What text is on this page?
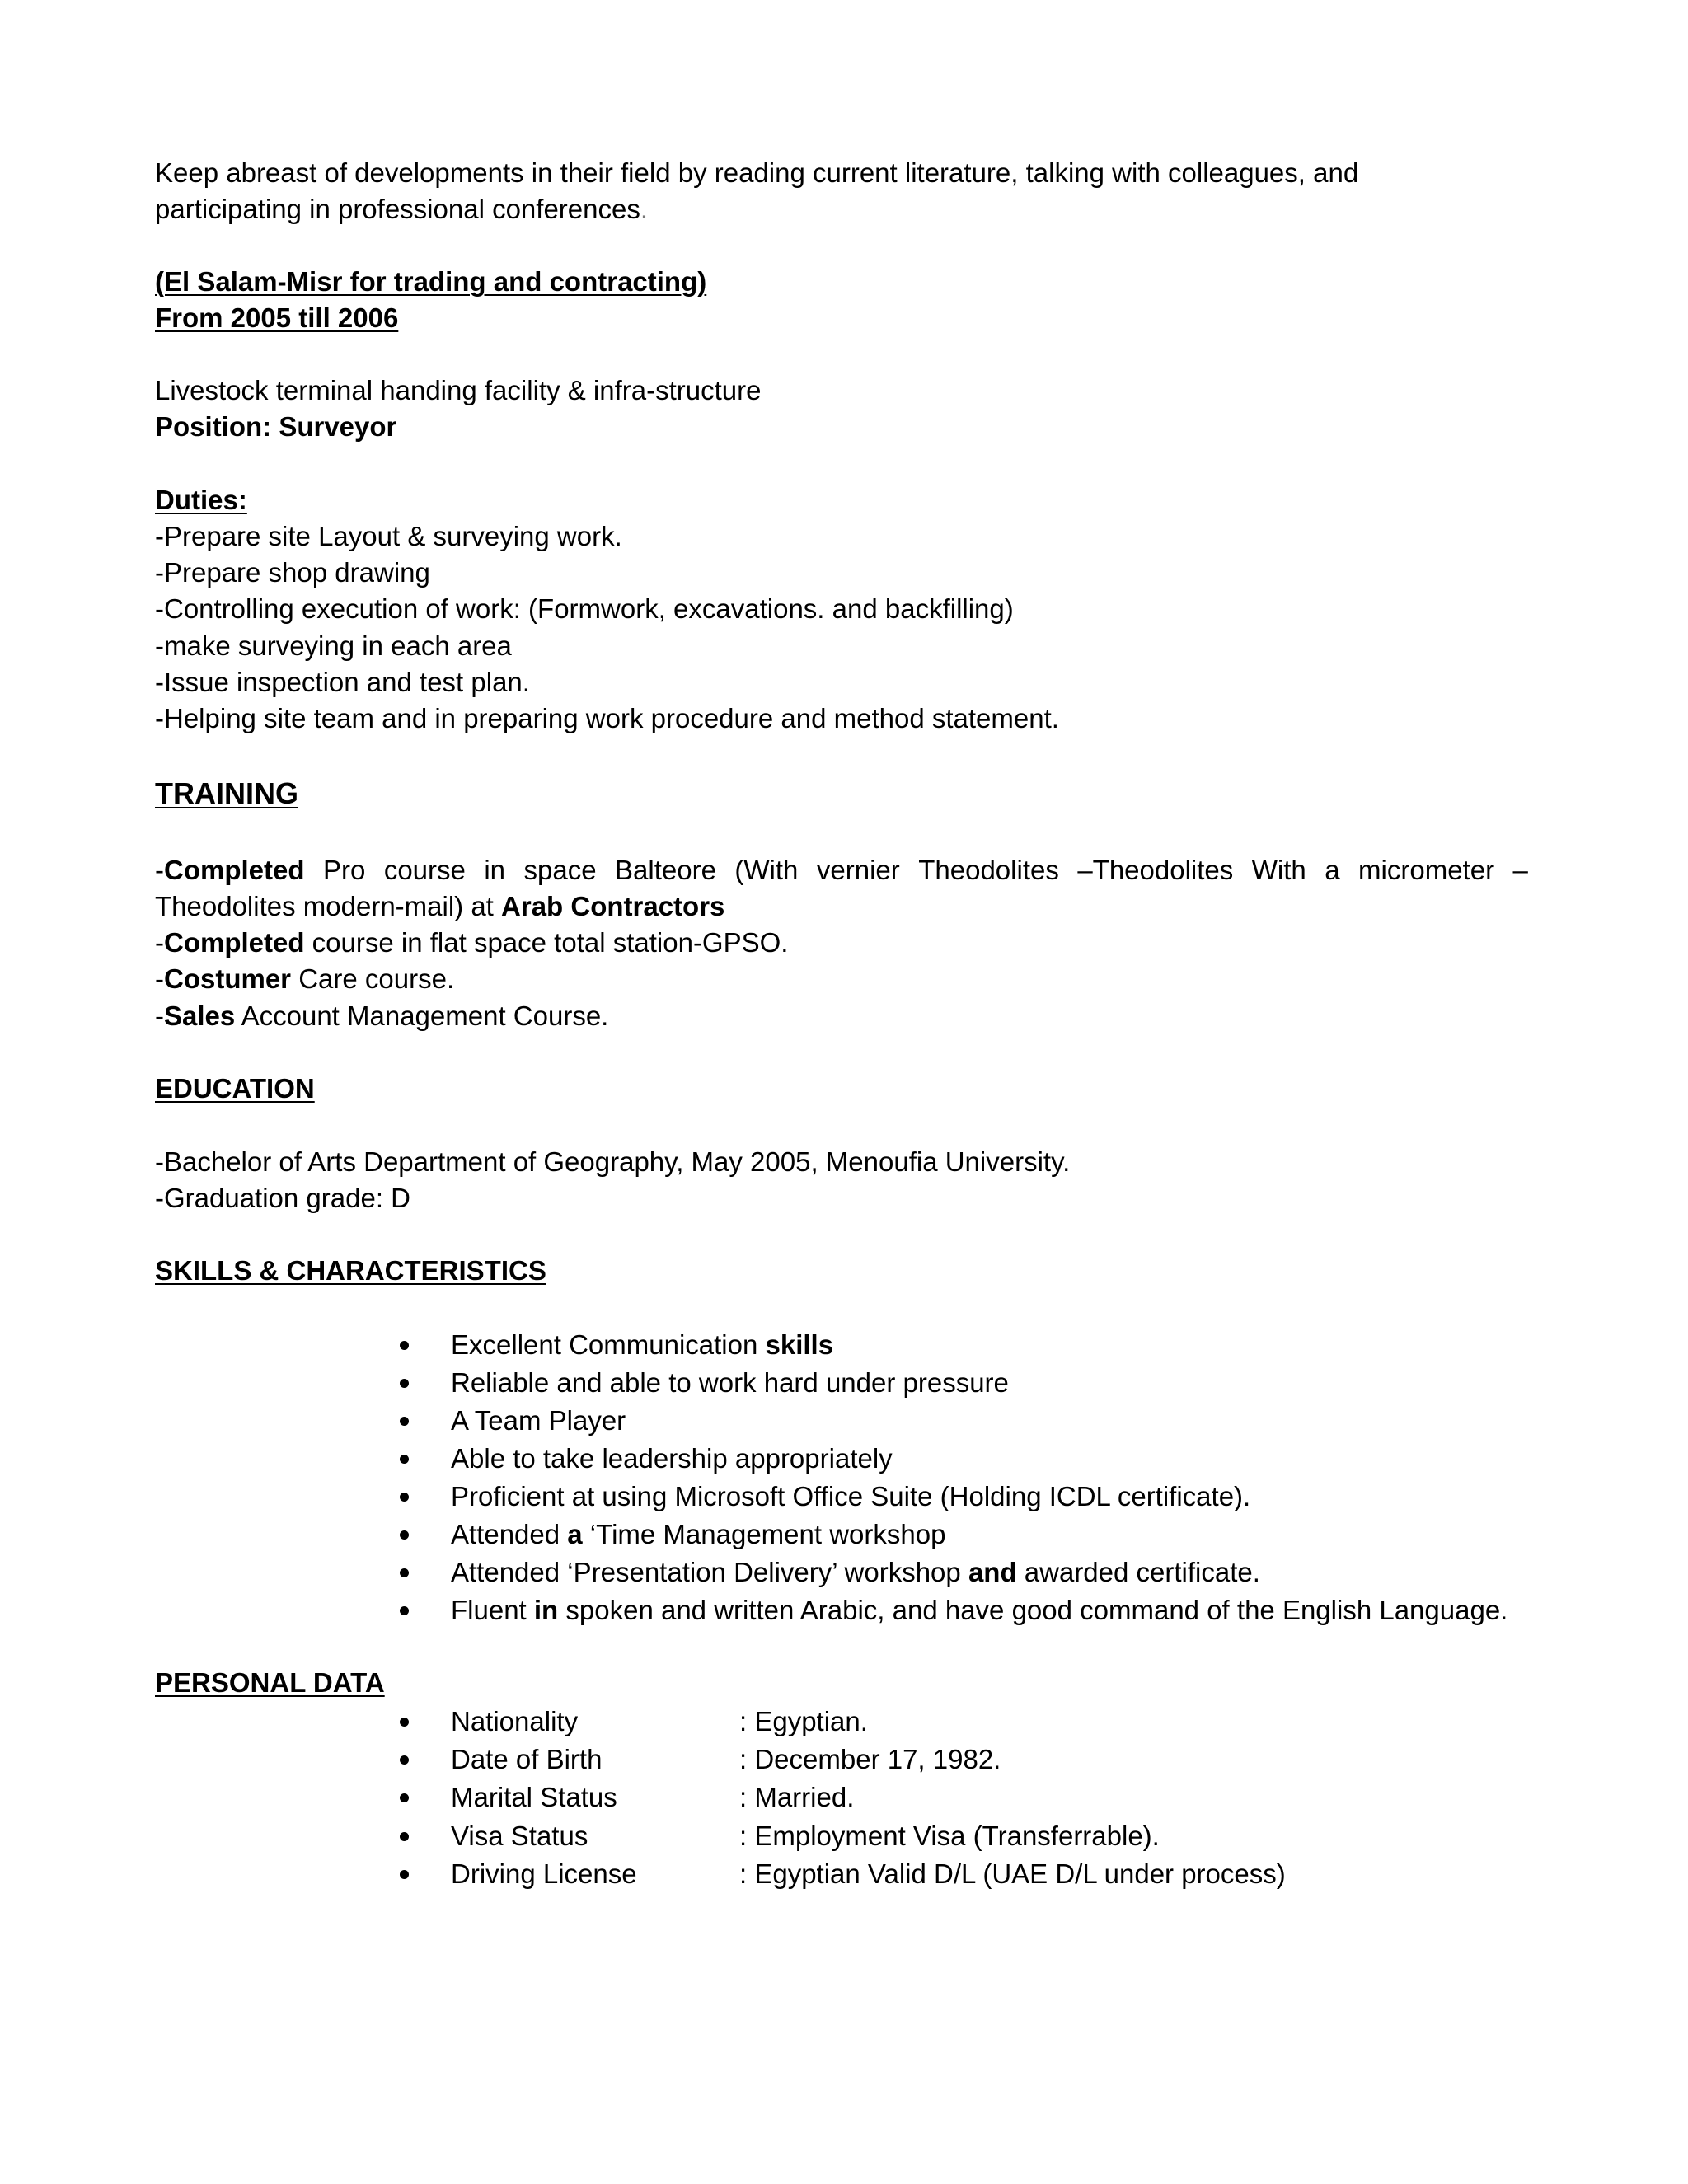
Keep abreast of developments in their field by reading current literature, talking with colleagues, and
participating in professional conferences.
(El Salam-Misr for trading and contracting)
From 2005 till 2006
Livestock terminal handing facility & infra-structure
Position: Surveyor
Duties:
-Prepare site Layout & surveying work.
-Prepare shop drawing
-Controlling execution of work: (Formwork, excavations. and backfilling)
-make surveying in each area
-Issue inspection and test plan.
-Helping site team and in preparing work procedure and method statement.
TRAINING
-Completed Pro course in space Balteore (With vernier Theodolites –Theodolites With a micrometer –
Theodolites modern-mail) at Arab Contractors
-Completed course in flat space total station-GPSO.
-Costumer Care course.
-Sales Account Management Course.
EDUCATION
-Bachelor of Arts Department of Geography, May 2005, Menoufia University.
-Graduation grade: D
SKILLS & CHARACTERISTICS
Excellent Communication skills
Reliable and able to work hard under pressure
A Team Player
Able to take leadership appropriately
Proficient at using Microsoft Office Suite (Holding ICDL certificate).
Attended a ‘Time Management workshop
Attended ‘Presentation Delivery’ workshop and awarded certificate.
Fluent in spoken and written Arabic, and have good command of the English Language.
PERSONAL DATA
Nationality	: Egyptian.
Date of Birth	: December 17, 1982.
Marital Status	: Married.
Visa Status	: Employment Visa (Transferrable).
Driving License	: Egyptian Valid D/L (UAE D/L under process)
